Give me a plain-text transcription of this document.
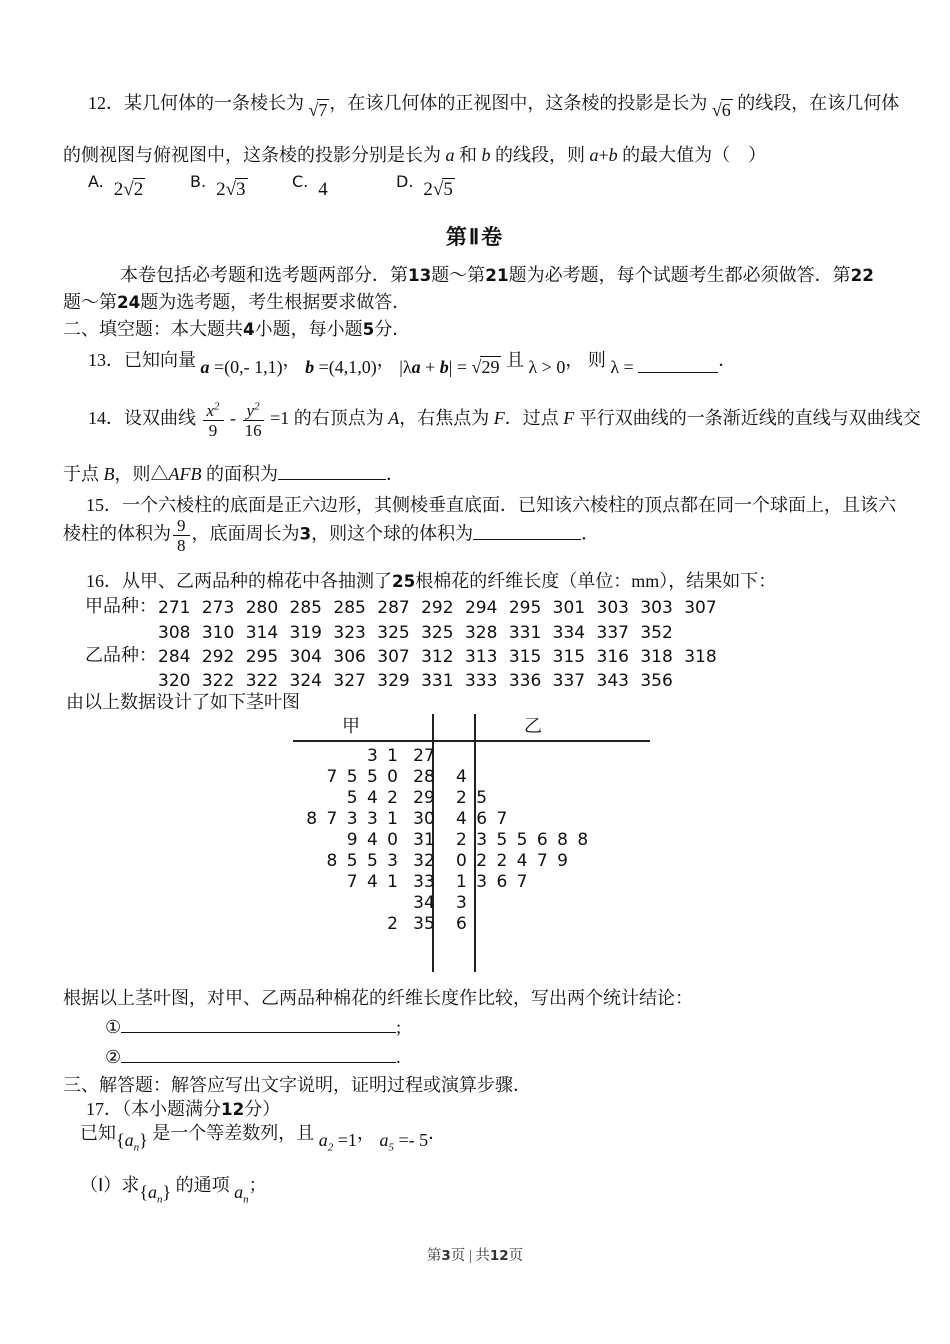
12．某几何体的一条棱长为 √7 ，在该几何体的正视图中，这条棱的投影是长为 √6 的线段，在该几何体
的侧视图与俯视图中，这条棱的投影分别是长为 a 和 b 的线段，则 a+b 的最大值为（　）
A. 2√2	B. 2√3	C. 4	D. 2√5
第Ⅱ卷
本卷包括必考题和选考题两部分．第13题～第21题为必考题，每个试题考生都必须做答．第22
题～第24题为选考题，考生根据要求做答．
二、填空题：本大题共4小题，每小题5分．
13．已知向量 a =(0,- 1,1)， b =(4,1,0)， |λa + b| = √29 且 λ > 0， 则 λ =	．
14．设双曲线 $\frac{x^2}{9} - \frac{y^2}{16} =1$ 的右顶点为 A，右焦点为 F．过点 F 平行双曲线的一条渐近线的直线与双曲线交
于点 B，则△AFB 的面积为	．
15．一个六棱柱的底面是正六边形，其侧棱垂直底面．已知该六棱柱的顶点都在同一个球面上，且该六
棱柱的体积为 $\frac{9}{8}$ ，底面周长为3，则这个球的体积为	．
16．从甲、乙两品种的棉花中各抽测了25根棉花的纤维长度（单位：mm），结果如下：
甲品种： 271 273 280 285 285 287 292 294 295 301 303 303 307
308 310 314 319 323 325 325 328 331 334 337 352
乙品种： 284 292 295 304 306 307 312 313 315 315 316 318 318
320 322 322 324 327 329 331 333 336 337 343 356
由以上数据设计了如下茎叶图
甲	乙
3 1 27
7 5 5 0 28	4
5 4 2 29	2 5
8 7 3 3 1 30	4 6 7
9 4 0 31	2 3 5 5 6 8 8
8 5 5 3 32	0 2 2 4 7 9
7 4 1 33	1 3 6 7
34	3
2 35	6
根据以上茎叶图，对甲、乙两品种棉花的纤维长度作比较，写出两个统计结论：
①	;
②	.
三、解答题：解答应写出文字说明，证明过程或演算步骤．
17．（本小题满分12分）
已知$\{a_n\}$ 是一个等差数列，且 $a_2 =1$， $a_5 =- 5$．
（Ⅰ）求$\{a_n\}$ 的通项 $a_n$；
第3页 | 共12页
